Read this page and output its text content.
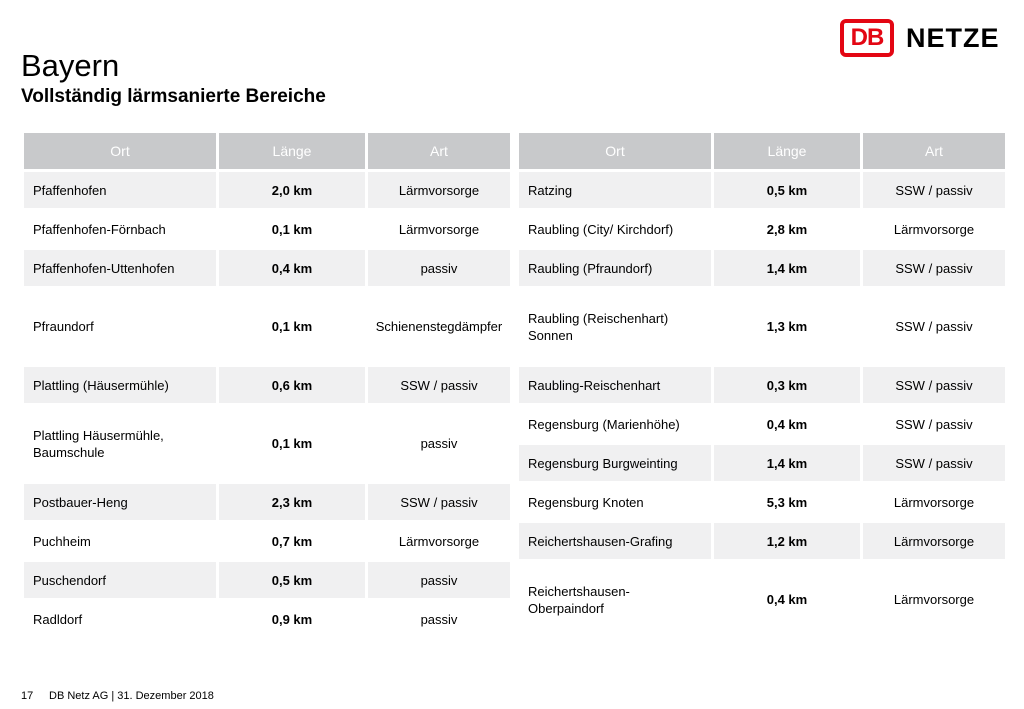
Bayern
Vollständig lärmsanierte Bereiche
DB NETZE
Ort	Länge	Art
Pfaffenhofen	2,0 km	Lärmvorsorge
Pfaffenhofen-Förnbach	0,1 km	Lärmvorsorge
Pfaffenhofen-Uttenhofen	0,4 km	passiv
Pfraundorf	0,1 km	Schienenstegdämpfer
Plattling (Häusermühle)	0,6 km	SSW / passiv
Plattling Häusermühle, Baumschule	0,1 km	passiv
Postbauer-Heng	2,3 km	SSW / passiv
Puchheim	0,7 km	Lärmvorsorge
Puschendorf	0,5 km	passiv
Radldorf	0,9 km	passiv
Ort	Länge	Art
Ratzing	0,5 km	SSW / passiv
Raubling (City/ Kirchdorf)	2,8 km	Lärmvorsorge
Raubling (Pfraundorf)	1,4 km	SSW / passiv
Raubling (Reischenhart) Sonnen	1,3 km	SSW / passiv
Raubling-Reischenhart	0,3 km	SSW / passiv
Regensburg (Marienhöhe)	0,4 km	SSW / passiv
Regensburg Burgweinting	1,4 km	SSW / passiv
Regensburg Knoten	5,3 km	Lärmvorsorge
Reichertshausen-Grafing	1,2 km	Lärmvorsorge
Reichertshausen-Oberpaindorf	0,4 km	Lärmvorsorge
17 DB Netz AG | 31. Dezember 2018
